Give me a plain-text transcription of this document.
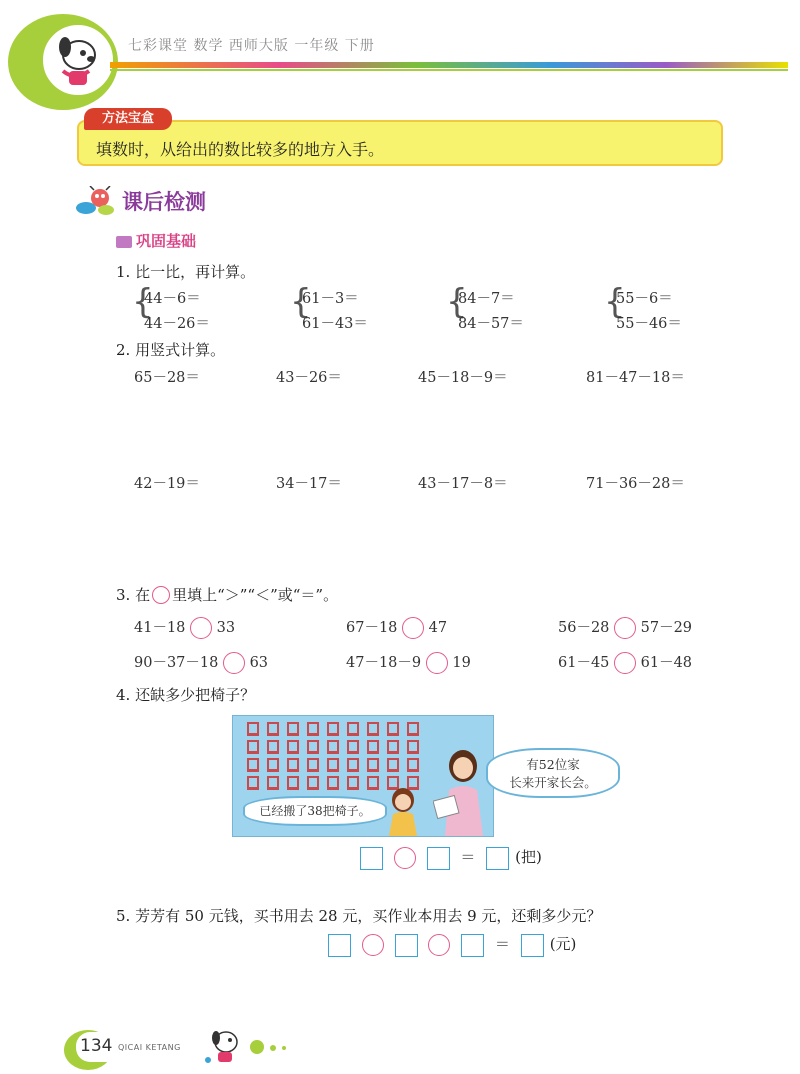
七彩课堂 数学 西师大版 一年级 下册
方法宝盒
填数时，从给出的数比较多的地方入手。
课后检测
巩固基础
1. 比一比，再计算。
{
44－6＝
44－26＝
{
61－3＝
61－43＝
{
84－7＝
84－57＝
{
55－6＝
55－46＝
2. 用竖式计算。
65－28＝	43－26＝	45－18－9＝	81－47－18＝
42－19＝	34－17＝	43－17－8＝	71－36－28＝
3. 在 里填上“＞”“＜”或“＝”。
41－18 33	67－18 47	56－28 57－29
90－37－18 63	47－18－9 19	61－45 61－48
4. 还缺多少把椅子？
已经搬了38把椅子。
有52位家
长来开家长会。
＝	(把)
5. 芳芳有 50 元钱，买书用去 28 元，买作业本用去 9 元，还剩多少元？
＝	(元)
134 QICAI KETANG
